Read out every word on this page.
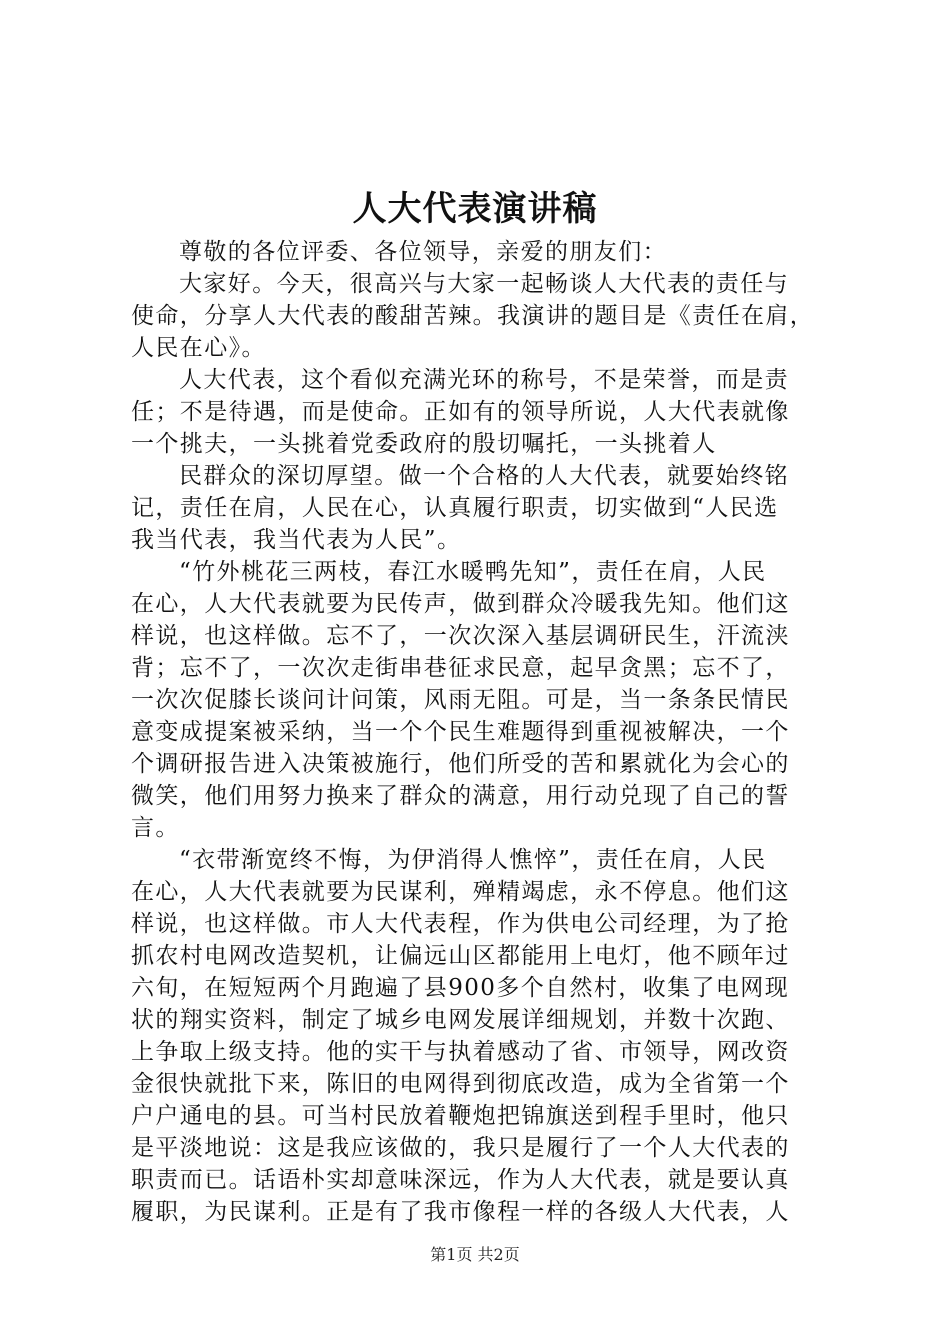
人大代表演讲稿
尊敬的各位评委、各位领导，亲爱的朋友们：
大家好。今天，很高兴与大家一起畅谈人大代表的责任与
使命，分享人大代表的酸甜苦辣。我演讲的题目是《责任在肩，
人民在心》。
人大代表，这个看似充满光环的称号，不是荣誉，而是责
任；不是待遇，而是使命。正如有的领导所说，人大代表就像
一个挑夫，一头挑着党委政府的殷切嘱托，一头挑着人
民群众的深切厚望。做一个合格的人大代表，就要始终铭
记，责任在肩，人民在心，认真履行职责，切实做到“人民选
我当代表，我当代表为人民”。
“竹外桃花三两枝，春江水暖鸭先知”，责任在肩，人民
在心，人大代表就要为民传声，做到群众冷暖我先知。他们这
样说，也这样做。忘不了，一次次深入基层调研民生，汗流浃
背；忘不了，一次次走街串巷征求民意，起早贪黑；忘不了，
一次次促膝长谈问计问策，风雨无阻。可是，当一条条民情民
意变成提案被采纳，当一个个民生难题得到重视被解决，一个
个调研报告进入决策被施行，他们所受的苦和累就化为会心的
微笑，他们用努力换来了群众的满意，用行动兑现了自己的誓
言。
“衣带渐宽终不悔，为伊消得人憔悴”，责任在肩，人民
在心，人大代表就要为民谋利，殚精竭虑，永不停息。他们这
样说，也这样做。市人大代表程，作为供电公司经理，为了抢
抓农村电网改造契机，让偏远山区都能用上电灯，他不顾年过
六旬，在短短两个月跑遍了县900多个自然村，收集了电网现
状的翔实资料，制定了城乡电网发展详细规划，并数十次跑、
上争取上级支持。他的实干与执着感动了省、市领导，网改资
金很快就批下来，陈旧的电网得到彻底改造，成为全省第一个
户户通电的县。可当村民放着鞭炮把锦旗送到程手里时，他只
是平淡地说：这是我应该做的，我只是履行了一个人大代表的
职责而已。话语朴实却意味深远，作为人大代表，就是要认真
履职，为民谋利。正是有了我市像程一样的各级人大代表，人
第1页 共2页
